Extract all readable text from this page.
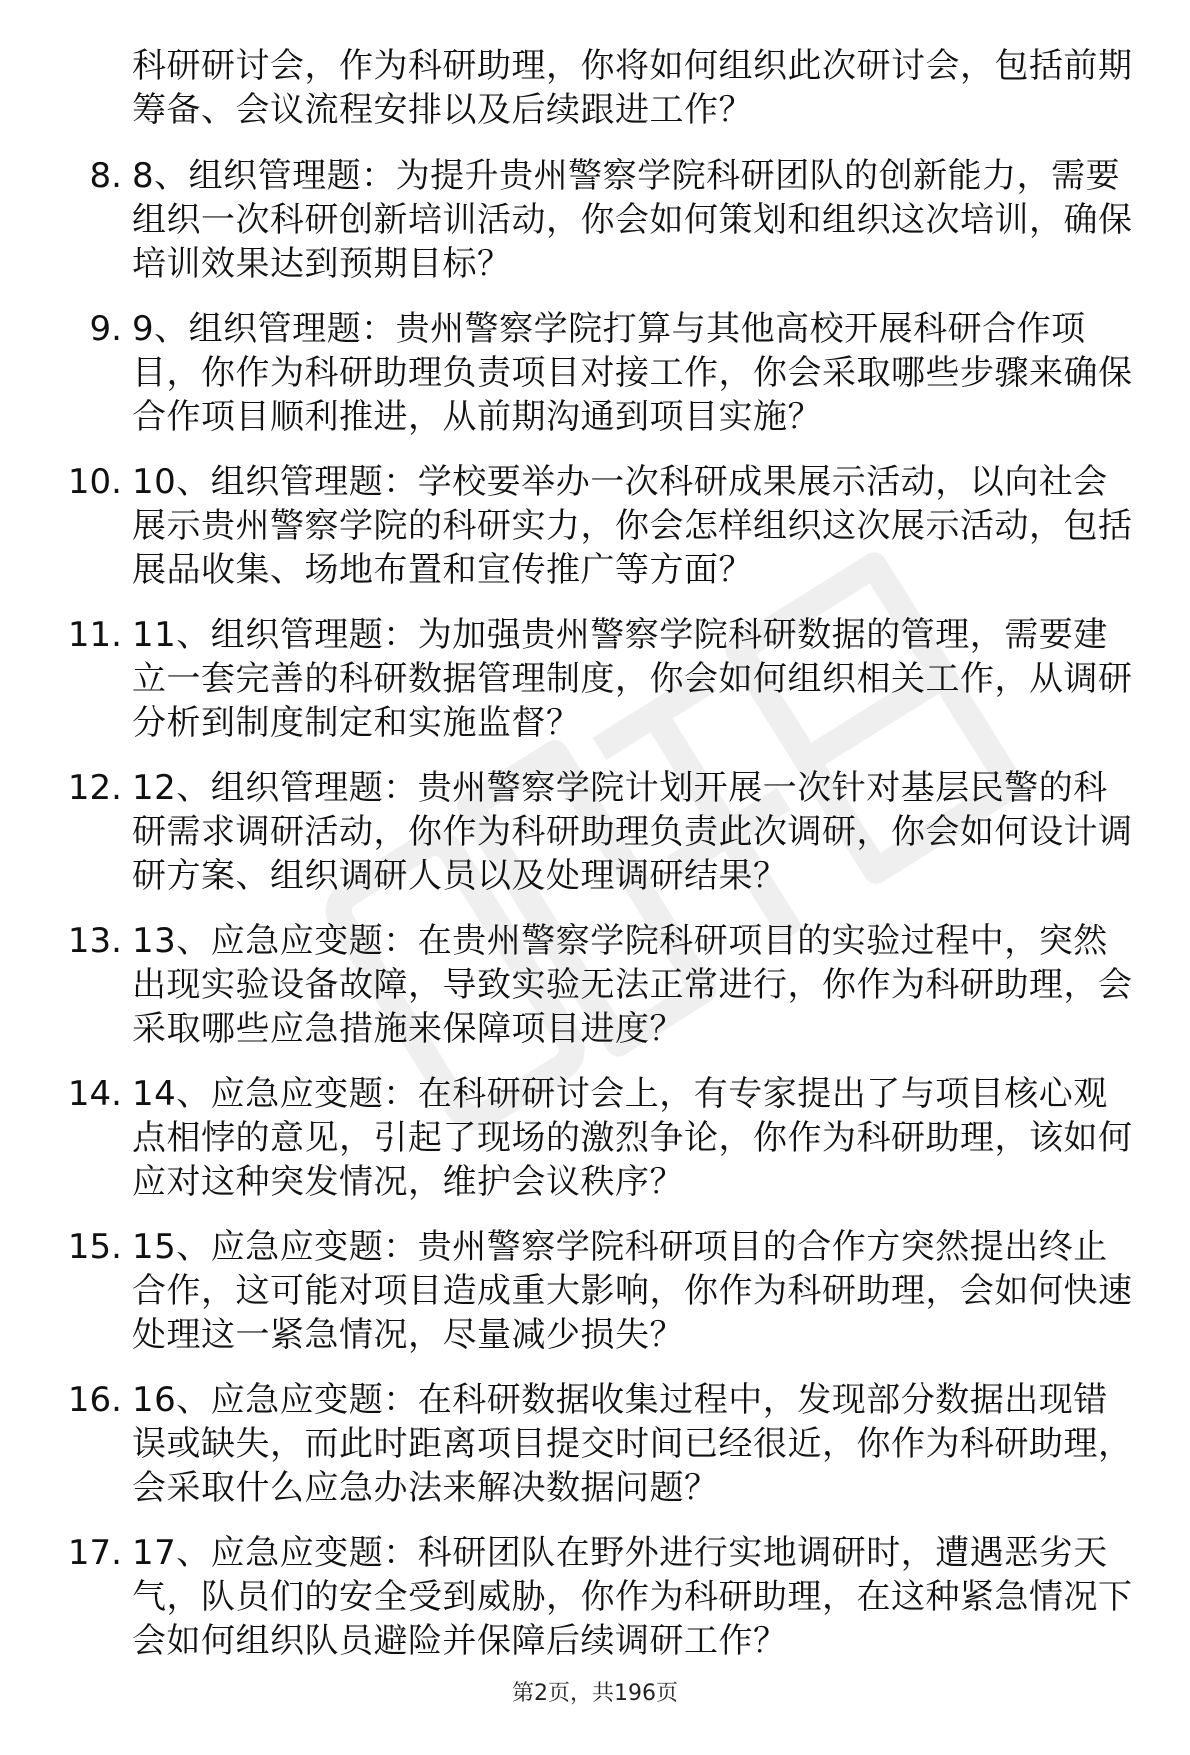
科研研讨会，作为科研助理，你将如何组织此次研讨会，包括前期筹备、会议流程安排以及后续跟进工作？
8. 8、组织管理题：为提升贵州警察学院科研团队的创新能力，需要组织一次科研创新培训活动，你会如何策划和组织这次培训，确保培训效果达到预期目标？
9. 9、组织管理题：贵州警察学院打算与其他高校开展科研合作项目，你作为科研助理负责项目对接工作，你会采取哪些步骤来确保合作项目顺利推进，从前期沟通到项目实施？
10. 10、组织管理题：学校要举办一次科研成果展示活动，以向社会展示贵州警察学院的科研实力，你会怎样组织这次展示活动，包括展品收集、场地布置和宣传推广等方面？
11. 11、组织管理题：为加强贵州警察学院科研数据的管理，需要建立一套完善的科研数据管理制度，你会如何组织相关工作，从调研分析到制度制定和实施监督？
12. 12、组织管理题：贵州警察学院计划开展一次针对基层民警的科研需求调研活动，你作为科研助理负责此次调研，你会如何设计调研方案、组织调研人员以及处理调研结果？
13. 13、应急应变题：在贵州警察学院科研项目的实验过程中，突然出现实验设备故障，导致实验无法正常进行，你作为科研助理，会采取哪些应急措施来保障项目进度？
14. 14、应急应变题：在科研研讨会上，有专家提出了与项目核心观点相悖的意见，引起了现场的激烈争论，你作为科研助理，该如何应对这种突发情况，维护会议秩序？
15. 15、应急应变题：贵州警察学院科研项目的合作方突然提出终止合作，这可能对项目造成重大影响，你作为科研助理，会如何快速处理这一紧急情况，尽量减少损失？
16. 16、应急应变题：在科研数据收集过程中，发现部分数据出现错误或缺失，而此时距离项目提交时间已经很近，你作为科研助理，会采取什么应急办法来解决数据问题？
17. 17、应急应变题：科研团队在野外进行实地调研时，遭遇恶劣天气，队员们的安全受到威胁，你作为科研助理，在这种紧急情况下会如何组织队员避险并保障后续调研工作？
第2页，共196页
